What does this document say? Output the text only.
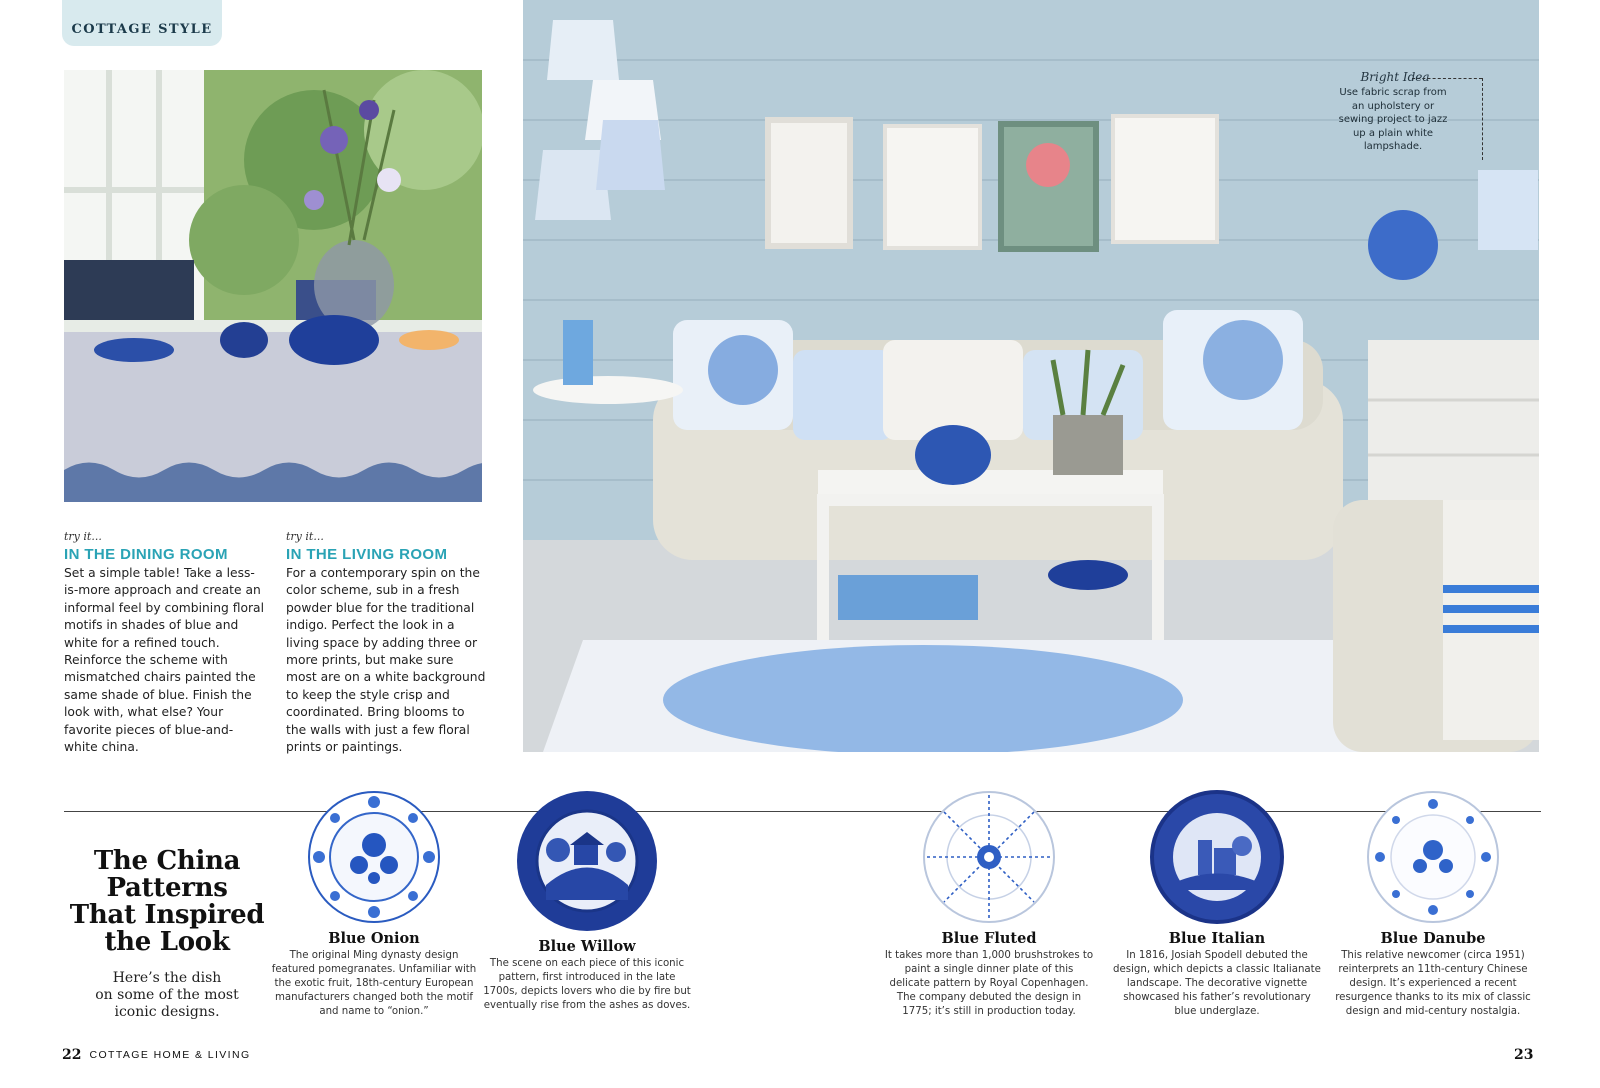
COTTAGE STYLE
Bright Idea
Use fabric scrap from an upholstery or sewing project to jazz up a plain white lampshade.
try it...
IN THE DINING ROOM
Set a simple table! Take a less-is-more approach and create an informal feel by combining floral motifs in shades of blue and white for a refined touch. Reinforce the scheme with mismatched chairs painted the same shade of blue. Finish the look with, what else? Your favorite pieces of blue-and-white china.
try it...
IN THE LIVING ROOM
For a contemporary spin on the color scheme, sub in a fresh powder blue for the traditional indigo. Perfect the look in a living space by adding three or more prints, but make sure most are on a white background to keep the style crisp and coordinated. Bring blooms to the walls with just a few floral prints or paintings.
The China
Patterns
That Inspired
the Look
Here’s the dish
on some of the most
iconic designs.
Blue Onion
The original Ming dynasty design featured pomegranates. Unfamiliar with the exotic fruit, 18th-century European manufacturers changed both the motif and name to “onion.”
Blue Willow
The scene on each piece of this iconic pattern, first introduced in the late 1700s, depicts lovers who die by fire but eventually rise from the ashes as doves.
Blue Fluted
It takes more than 1,000 brushstrokes to paint a single dinner plate of this delicate pattern by Royal Copenhagen. The company debuted the design in 1775; it’s still in production today.
Blue Italian
In 1816, Josiah Spodell debuted the design, which depicts a classic Italianate landscape. The decorative vignette showcased his father’s revolutionary blue underglaze.
Blue Danube
This relative newcomer (circa 1951) reinterprets an 11th-century Chinese design. It’s experienced a recent resurgence thanks to its mix of classic design and mid-century nostalgia.
22 COTTAGE HOME & LIVING	23
